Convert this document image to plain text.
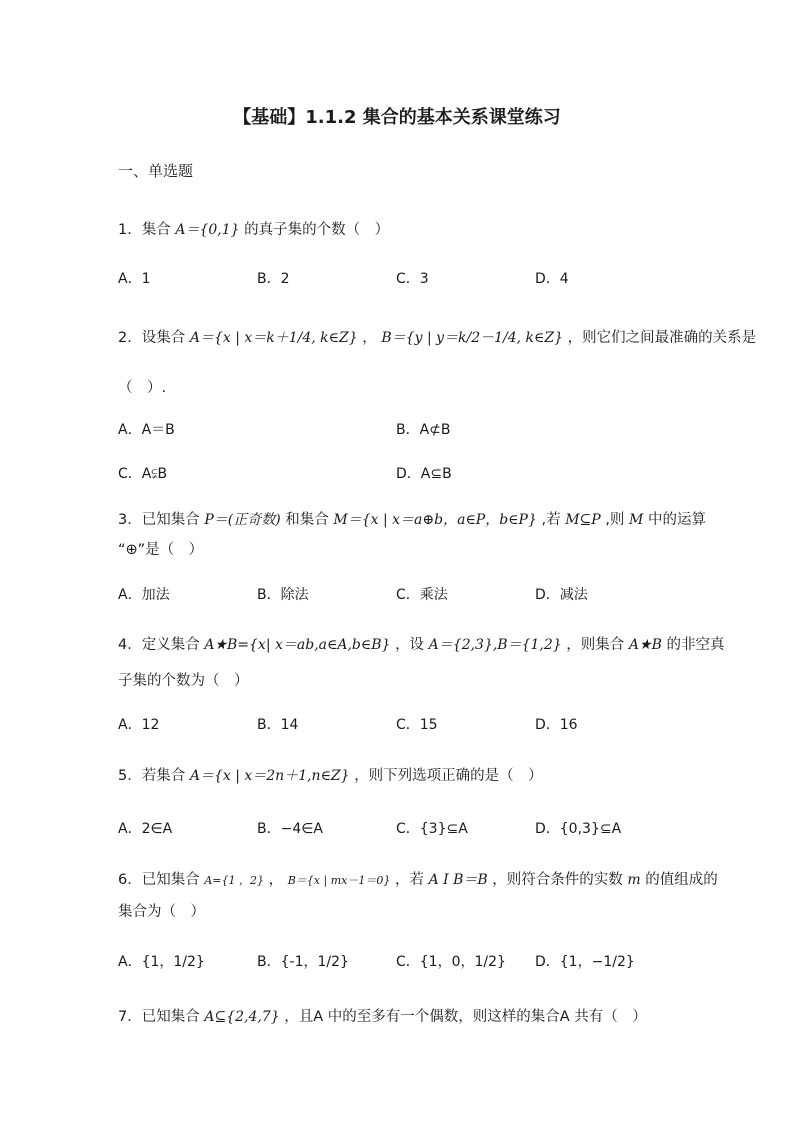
【基础】1.1.2 集合的基本关系课堂练习
一、单选题
1．集合 A＝{0,1} 的真子集的个数（　）
A．1	B．2	C．3	D．4
2．设集合 A＝{x | x＝k＋1/4, k∈Z} ， B＝{y | y＝k/2－1/4, k∈Z} ，则它们之间最准确的关系是
（　）.
A．A＝B	B．A⊄B
C．A⫋B	D．A⊆B
3．已知集合 P＝(正奇数) 和集合 M＝{x | x＝a⊕b，a∈P，b∈P} ,若 M⊆P ,则 M 中的运算
“⊕”是（　）
A．加法	B．除法	C．乘法	D．减法
4．定义集合 A★B={x| x＝ab,a∈A,b∈B} ，设 A＝{2,3},B＝{1,2} ，则集合 A★B 的非空真
子集的个数为（　）
A．12	B．14	C．15	D．16
5．若集合 A＝{x | x＝2n＋1,n∈Z} ，则下列选项正确的是（　）
A．2∈A	B．−4∈A	C．{3}⊆A	D．{0,3}⊆A
6．已知集合 A={1 ，2} ， B＝{x | mx－1＝0} ，若 A I B＝B ，则符合条件的实数 m 的值组成的
集合为（　）
A．{1，1/2}	B．{-1，1/2}	C．{1，0，1/2} D．{1，−1/2}
7．已知集合 A⊆{2,4,7} ，且A 中的至多有一个偶数，则这样的集合A 共有（　）
